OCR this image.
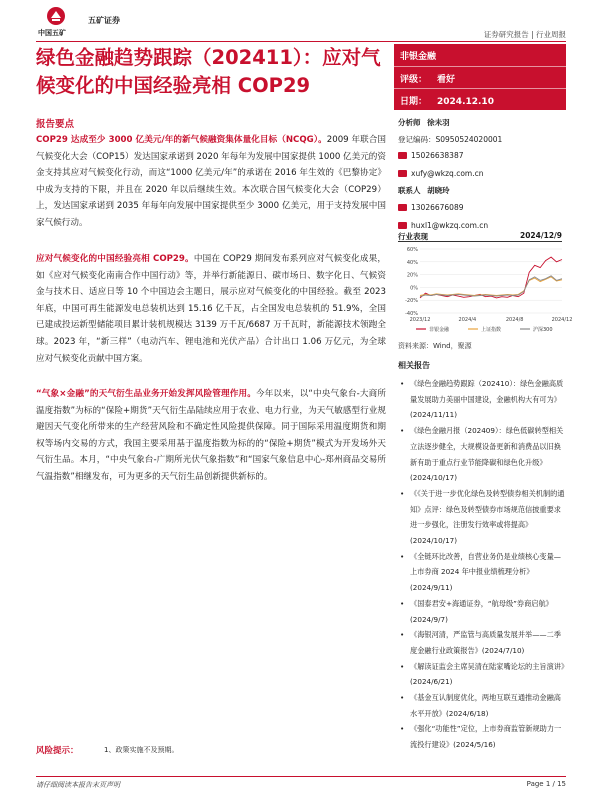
中国五矿
五矿证券
证券研究报告 | 行业周报
绿色金融趋势跟踪（202411）：应对气候变化的中国经验亮相 COP29
非银金融
评级： 看好
日期： 2024.12.10
分析师 徐未羽
登记编码：S0950524020001
15026638387
xufy@wkzq.com.cn
联系人 胡晓玲
13026676089
huxl1@wkzq.com.cn
行业表现	2024/12/9
60%
40%
20%
0%
-20%
-40%
2023/12	2024/4	2024/8	2024/12
非银金融	上证指数	沪深300
资料来源：Wind，聚源
相关报告
• 《绿色金融趋势跟踪（202410）：绿色金融高质量发展助力美丽中国建设，金融机构大有可为》(2024/11/11)
• 《绿色金融月报（202409）：绿色低碳转型相关立法逐步健全，大规模设备更新和消费品以旧换新有助于重点行业节能降碳和绿色化升级》(2024/10/17)
• 《《关于进一步优化绿色及转型债券相关机制的通知》点评：绿色及转型债券市场规范信披重要求进一步强化，注册发行效率或将提高》(2024/10/17)
• 《全链环比改善，自营业务仍是业绩核心变量—上市券商 2024 年中报业绩梳理分析》(2024/9/11)
• 《国泰君安+海通证券，“航母级”券商启航》(2024/9/7)
• 《海银河清，严监管与高质量发展并举——二季度金融行业政策报告》(2024/7/10)
• 《解读证监会主席吴清在陆家嘴论坛的主旨演讲》(2024/6/21)
• 《基金互认制度优化，两地互联互通推动金融高水平开放》(2024/6/18)
• 《强化“功能性”定位，上市券商监管新规助力一流投行建设》(2024/5/16)
报告要点
COP29 达成至少 3000 亿美元/年的新气候融资集体量化目标（NCQG）。2009 年联合国气候变化大会（COP15）发达国家承诺到 2020 年每年为发展中国家提供 1000 亿美元的资金支持其应对气候变化行动，而这“1000 亿美元/年”的承诺在 2016 年生效的《巴黎协定》中成为支持的下限，并且在 2020 年以后继续生效。本次联合国气候变化大会（COP29）上，发达国家承诺到 2035 年每年向发展中国家提供至少 3000 亿美元，用于支持发展中国家气候行动。
应对气候变化的中国经验亮相 COP29。中国在 COP29 期间发布系列应对气候变化成果，如《应对气候变化南南合作中国行动》等，并举行新能源日、碳市场日、数字化日、气候资金与技术日、适应日等 10 个中国边会主题日，展示应对气候变化的中国经验。截至 2023 年底，中国可再生能源发电总装机达到 15.16 亿千瓦，占全国发电总装机的 51.9%，全国已建成投运新型储能项目累计装机规模达 3139 万千瓦/6687 万千瓦时，新能源技术领跑全球。2023 年，“新三样”（电动汽车、锂电池和光伏产品）合计出口 1.06 万亿元，为全球应对气候变化贡献中国方案。
“气象×金融”的天气衍生品业务开始发挥风险管理作用。今年以来，以“中央气象台-大商所温度指数”为标的“保险+期货”天气衍生品陆续应用于农业、电力行业，为天气敏感型行业规避因天气变化所带来的生产经营风险和不确定性风险提供保障。同于国际采用温度期货和期权等场内交易的方式，我国主要采用基于温度指数为标的的“保险+期货”模式为开发场外天气衍生品。本月，“中央气象台-广期所光伏气象指数”和“国家气象信息中心-郑州商品交易所气温指数”相继发布，可为更多的天气衍生品创新提供新标的。
风险提示：	1、政策实施不及预期。
请仔细阅读本报告末页声明	Page 1 / 15
